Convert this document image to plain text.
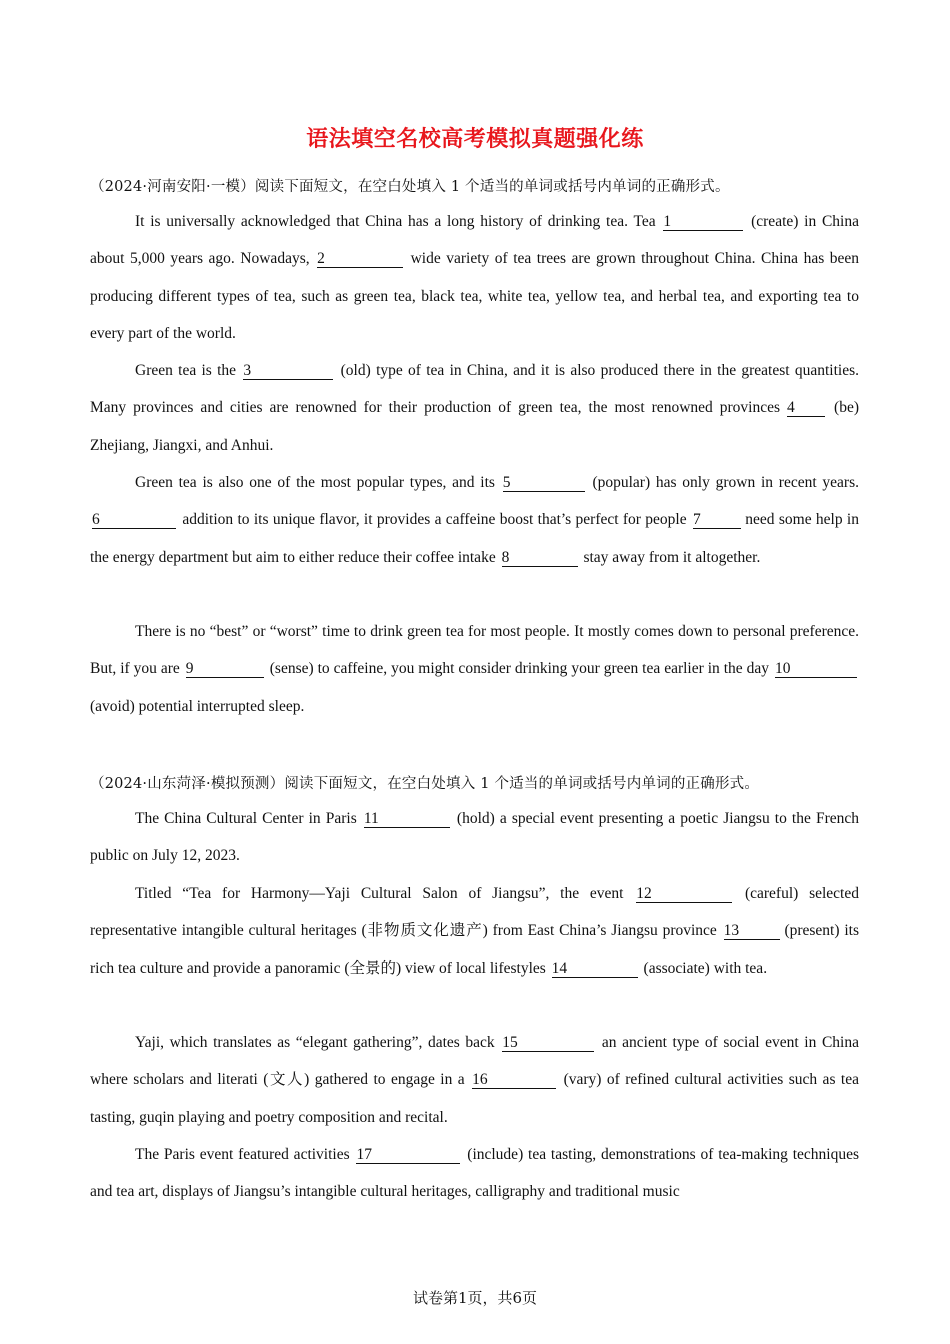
语法填空名校高考模拟真题强化练
（2024·河南安阳·一模）阅读下面短文，在空白处填入 1 个适当的单词或括号内单词的正确形式。
It is universally acknowledged that China has a long history of drinking tea. Tea 1	(create) in China about 5,000 years ago. Nowadays, 2	wide variety of tea trees are grown throughout China. China has been producing different types of tea, such as green tea, black tea, white tea, yellow tea, and herbal tea, and exporting tea to every part of the world.
Green tea is the 3	(old) type of tea in China, and it is also produced there in the greatest quantities. Many provinces and cities are renowned for their production of green tea, the most renowned provinces 4 (be) Zhejiang, Jiangxi, and Anhui.
Green tea is also one of the most popular types, and its 5	(popular) has only grown in recent years. 6	addition to its unique flavor, it provides a caffeine boost that’s perfect for people 7	need some help in the energy department but aim to either reduce their coffee intake 8	stay away from it altogether.
There is no “best” or “worst” time to drink green tea for most people. It mostly comes down to personal preference. But, if you are 9	(sense) to caffeine, you might consider drinking your green tea earlier in the day 10 (avoid) potential interrupted sleep.
（2024·山东菏泽·模拟预测）阅读下面短文，在空白处填入 1 个适当的单词或括号内单词的正确形式。
The China Cultural Center in Paris 11	(hold) a special event presenting a poetic Jiangsu to the French public on July 12, 2023.
Titled “Tea for Harmony—Yaji Cultural Salon of Jiangsu”, the event 12	(careful) selected representative intangible cultural heritages (非物质文化遗产) from East China’s Jiangsu province 13	(present) its rich tea culture and provide a panoramic (全景的) view of local lifestyles 14	(associate) with tea.
Yaji, which translates as “elegant gathering”, dates back 15	an ancient type of social event in China where scholars and literati (文人) gathered to engage in a 16	(vary) of refined cultural activities such as tea tasting, guqin playing and poetry composition and recital.
The Paris event featured activities 17	(include) tea tasting, demonstrations of tea-making techniques and tea art, displays of Jiangsu’s intangible cultural heritages, calligraphy and traditional music
试卷第1页，共6页
